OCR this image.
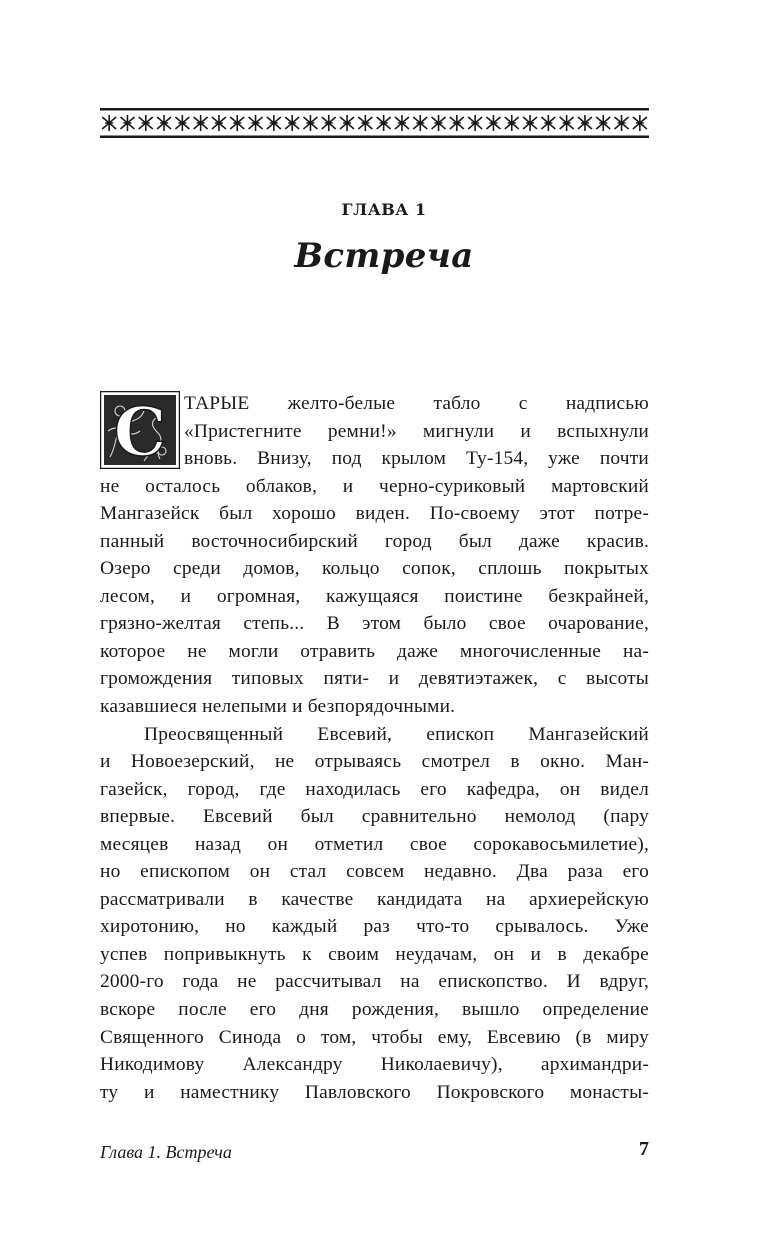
ГЛАВА 1
Встреча
С ТАРЫЕ желто-белые табло с надписью
«Пристегните ремни!» мигнули и вспыхнули
вновь. Внизу, под крылом Ту-154, уже почти
не осталось облаков, и черно-суриковый мартовский
Мангазейск был хорошо виден. По-своему этот потре-
панный восточносибирский город был даже красив.
Озеро среди домов, кольцо сопок, сплошь покрытых
лесом, и огромная, кажущаяся поистине безкрайней,
грязно-желтая степь... В этом было свое очарование,
которое не могли отравить даже многочисленные на-
громождения типовых пяти- и девятиэтажек, с высоты
казавшиеся нелепыми и безпорядочными.
Преосвященный Евсевий, епископ Мангазейский
и Новоезерский, не отрываясь смотрел в окно. Ман-
газейск, город, где находилась его кафедра, он видел
впервые. Евсевий был сравнительно немолод (пару
месяцев назад он отметил свое сорокавосьмилетие),
но епископом он стал совсем недавно. Два раза его
рассматривали в качестве кандидата на архиерейскую
хиротонию, но каждый раз что-то срывалось. Уже
успев попривыкнуть к своим неудачам, он и в декабре
2000-го года не рассчитывал на епископство. И вдруг,
вскоре после его дня рождения, вышло определение
Священного Синода о том, чтобы ему, Евсевию (в миру
Никодимову Александру Николаевичу), архимандри-
ту и наместнику Павловского Покровского монасты-
Глава 1. Встреча	7
